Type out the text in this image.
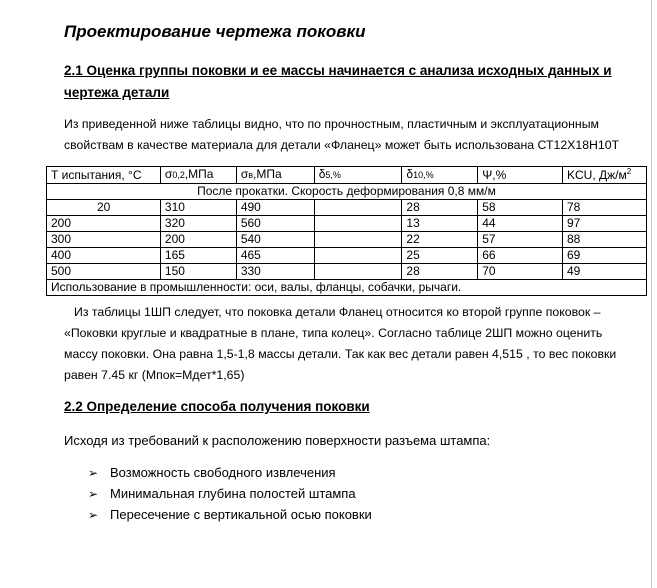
Проектирование чертежа поковки
2.1 Оценка группы поковки и ее массы начинается с анализа исходных данных и
чертежа детали
Из приведенной ниже таблицы видно, что по прочностным, пластичным и эксплуатационным
свойствам в качестве материала для детали «Фланец» может быть использована СТ12Х18Н10Т
Т испытания, °С	σ0,2,МПа	σв,МПа	δ5,%	δ10,%	Ψ,%	KCU, $Дж/м^2$
После прокатки. Скорость деформирования 0,8 мм/м						
20	310	490		28	58	78
200	320	560		13	44	97
300	200	540		22	57	88
400	165	465		25	66	69
500	150	330		28	70	49
Использование в промышленности: оси, валы, фланцы, собачки, рычаги.						
Из таблицы 1ШП следует, что поковка детали Фланец относится ко второй группе поковок –
«Поковки круглые и квадратные в плане, типа колец». Согласно таблице 2ШП можно оценить
массу поковки. Она равна 1,5-1,8 массы детали. Так как вес детали равен 4,515 , то вес поковки
равен 7.45 кг (Мпок=Мдет*1,65)
2.2 Определение способа получения поковки
Исходя из требований к расположению поверхности разъема штампа:
➢ Возможность свободного извлечения
➢ Минимальная глубина полостей штампа
➢ Пересечение с вертикальной осью поковки
